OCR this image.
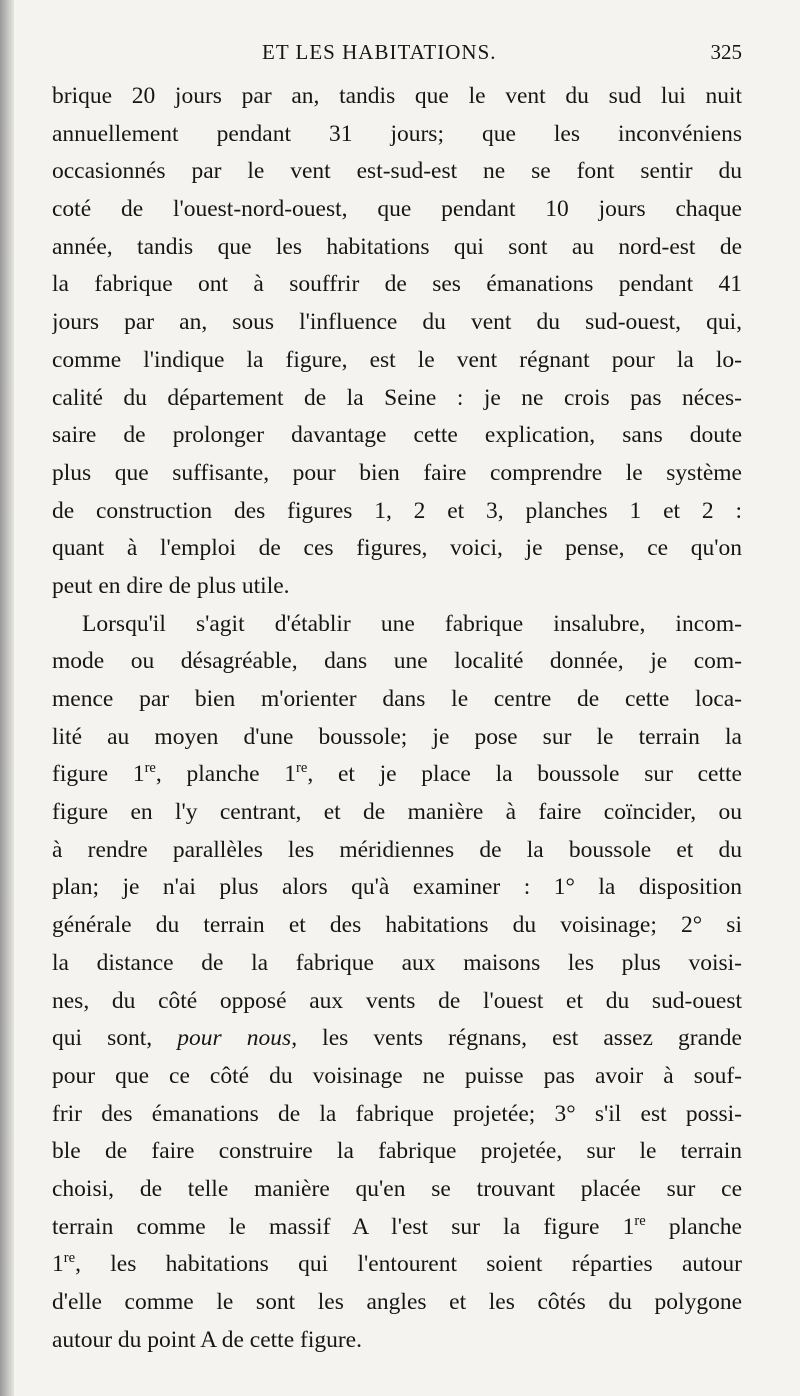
ET LES HABITATIONS.	325
brique 20 jours par an, tandis que le vent du sud lui nuit
annuellement pendant 31 jours; que les inconvéniens
occasionnés par le vent est-sud-est ne se font sentir du
coté de l'ouest-nord-ouest, que pendant 10 jours chaque
année, tandis que les habitations qui sont au nord-est de
la fabrique ont à souffrir de ses émanations pendant 41
jours par an, sous l'influence du vent du sud-ouest, qui,
comme l'indique la figure, est le vent régnant pour la lo-
calité du département de la Seine : je ne crois pas néces-
saire de prolonger davantage cette explication, sans doute
plus que suffisante, pour bien faire comprendre le système
de construction des figures 1, 2 et 3, planches 1 et 2 :
quant à l'emploi de ces figures, voici, je pense, ce qu'on
peut en dire de plus utile.
Lorsqu'il s'agit d'établir une fabrique insalubre, incom-
mode ou désagréable, dans une localité donnée, je com-
mence par bien m'orienter dans le centre de cette loca-
lité au moyen d'une boussole; je pose sur le terrain la
figure 1re, planche 1re, et je place la boussole sur cette
figure en l'y centrant, et de manière à faire coïncider, ou
à rendre parallèles les méridiennes de la boussole et du
plan; je n'ai plus alors qu'à examiner : 1° la disposition
générale du terrain et des habitations du voisinage; 2° si
la distance de la fabrique aux maisons les plus voisi-
nes, du côté opposé aux vents de l'ouest et du sud-ouest
qui sont, pour nous, les vents régnans, est assez grande
pour que ce côté du voisinage ne puisse pas avoir à souf-
frir des émanations de la fabrique projetée; 3° s'il est possi-
ble de faire construire la fabrique projetée, sur le terrain
choisi, de telle manière qu'en se trouvant placée sur ce
terrain comme le massif A l'est sur la figure 1re planche
1re, les habitations qui l'entourent soient réparties autour
d'elle comme le sont les angles et les côtés du polygone
autour du point A de cette figure.
